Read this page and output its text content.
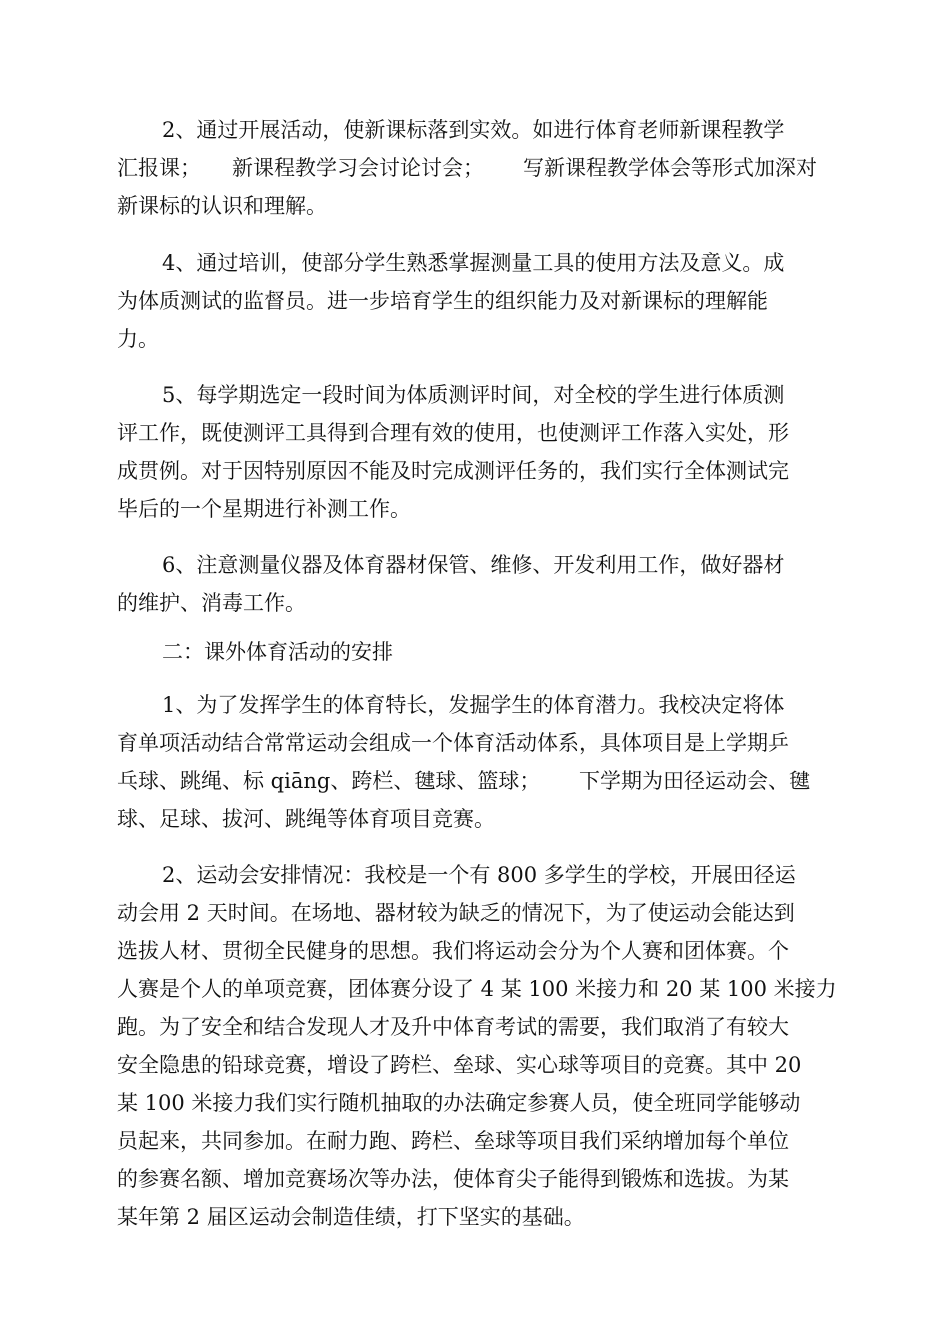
2、通过开展活动，使新课标落到实效。如进行体育老师新课程教学

汇报课；

新课程教学习会讨论讨会；

写新课程教学体会等形式加深对

新课标的认识和理解。

4、通过培训，使部分学生熟悉掌握测量工具的使用方法及意义。成

为体质测试的监督员。进一步培育学生的组织能力及对新课标的理解能

力。

5、每学期选定一段时间为体质测评时间，对全校的学生进行体质测

评工作，既使测评工具得到合理有效的使用，也使测评工作落入实处，形

成贯例。对于因特别原因不能及时完成测评任务的，我们实行全体测试完

毕后的一个星期进行补测工作。

6、注意测量仪器及体育器材保管、维修、开发利用工作，做好器材

的维护、消毒工作。

二：课外体育活动的安排

1、为了发挥学生的体育特长，发掘学生的体育潜力。我校决定将体

育单项活动结合常常运动会组成一个体育活动体系，具体项目是上学期乒

乓球、跳绳、标 qiāng、跨栏、毽球、篮球；

下学期为田径运动会、毽

球、足球、拔河、跳绳等体育项目竞赛。

2、运动会安排情况：我校是一个有 800 多学生的学校，开展田径运

动会用 2 天时间。在场地、器材较为缺乏的情况下，为了使运动会能达到

选拔人材、贯彻全民健身的思想。我们将运动会分为个人赛和团体赛。个

人赛是个人的单项竞赛，团体赛分设了 4 某 100 米接力和 20 某 100 米接力

跑。为了安全和结合发现人才及升中体育考试的需要，我们取消了有较大

安全隐患的铅球竞赛，增设了跨栏、垒球、实心球等项目的竞赛。其中 20

某 100 米接力我们实行随机抽取的办法确定参赛人员，使全班同学能够动

员起来，共同参加。在耐力跑、跨栏、垒球等项目我们采纳增加每个单位

的参赛名额、增加竞赛场次等办法，使体育尖子能得到锻炼和选拔。为某

某年第 2 届区运动会制造佳绩，打下坚实的基础。
